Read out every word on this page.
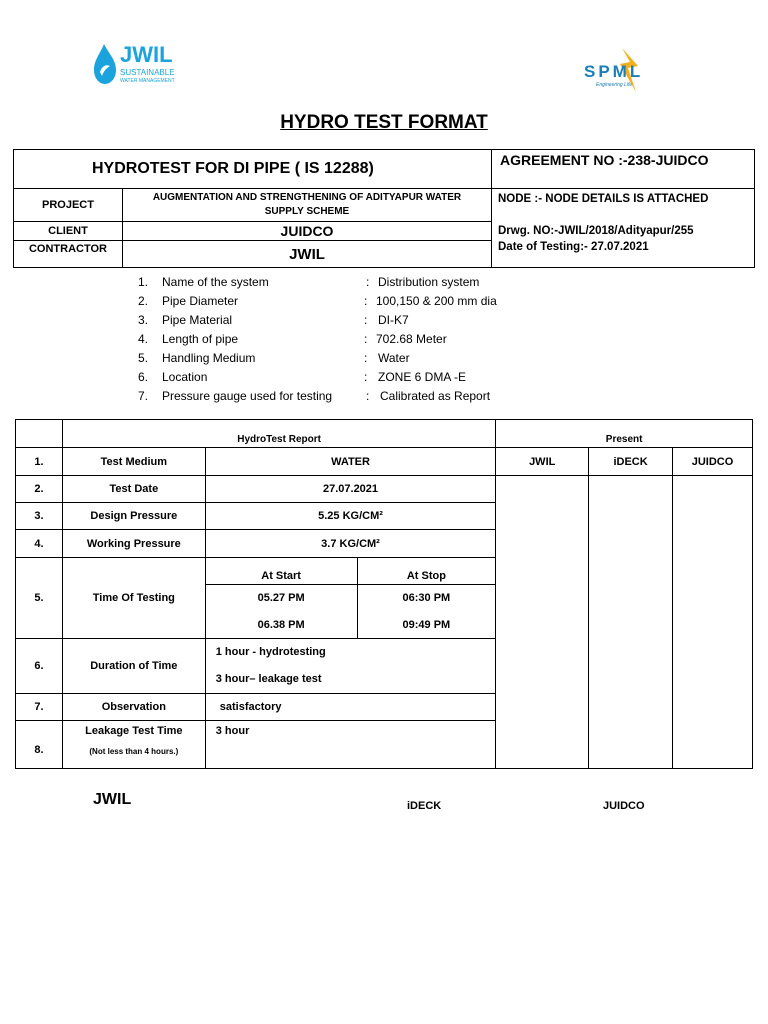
JWIL
SUSTAINABLE
WATER MANAGEMENT	SPML
Engineering Life
HYDRO TEST FORMAT
HYDROTEST FOR DI PIPE ( IS 12288)		AGREEMENT NO :-238-JUIDCO
PROJECT	AUGMENTATION AND STRENGTHENING OF ADITYAPUR WATER SUPPLY SCHEME	NODE :- NODE DETAILS IS ATTACHED
Drwg. NO:-JWIL/2018/Adityapur/255
Date of Testing:- 27.07.2021

CLIENT	JUIDCO	
CONTRACTOR	JWIL	
1. Name of the system	: Distribution system
2. Pipe Diameter	: 100,150 & 200 mm dia
3. Pipe Material	: DI-K7
4. Length of pipe	: 702.68 Meter
5. Handling Medium	: Water
6. Location	: ZONE 6 DMA -E
7. Pressure gauge used for testing	: Calibrated as Report
	HydroTest Report			Present		
1.	Test Medium	WATER		JWIL	iDECK	JUIDCO
2.	Test Date	27.07.2021				
3.	Design Pressure	5.25 KG/CM²				
4.	Working Pressure	3.7 KG/CM²				
5.	Time Of Testing	At Start	At Stop			
		05.27 PM	06:30 PM			
		06.38 PM	09:49 PM			
6.	Duration of Time	1 hour - hydrotesting
3 hour– leakage test				

7.	Observation	satisfactory				
8.	Leakage Test Time
(Not less than 4 hours.)	3 hour				
JWIL	iDECK	JUIDCO
